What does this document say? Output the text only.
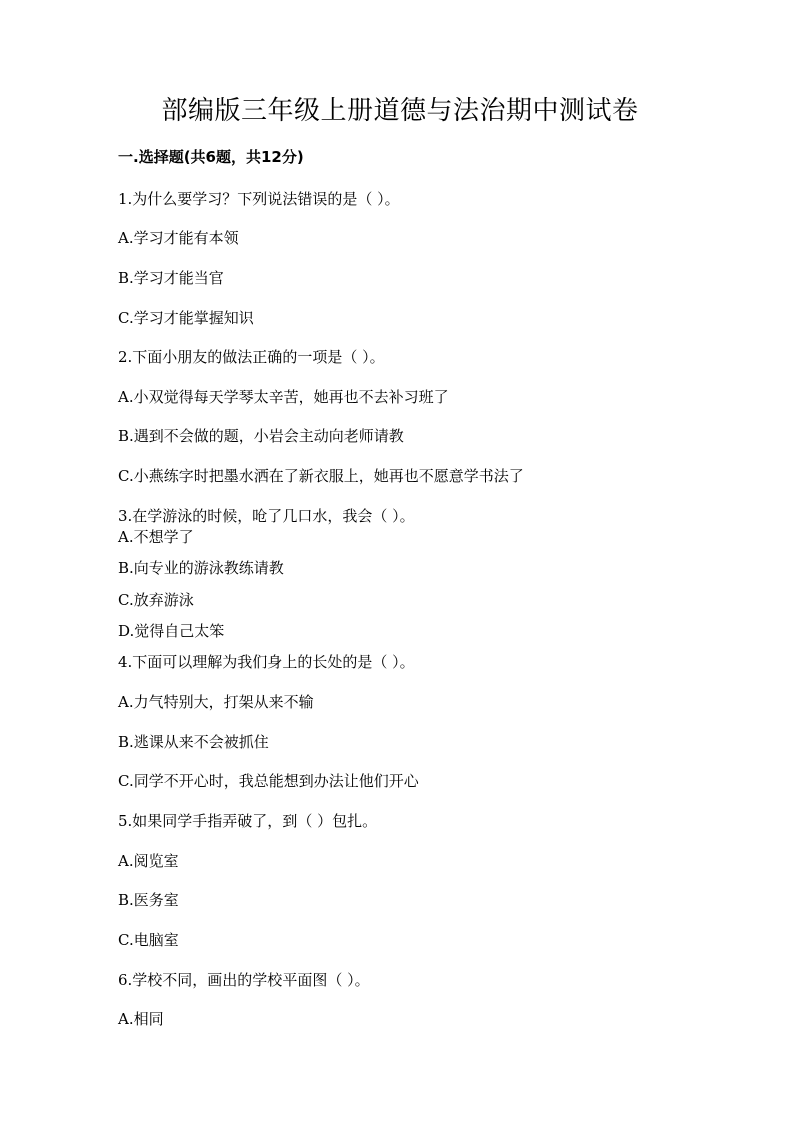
部编版三年级上册道德与法治期中测试卷
一.选择题(共6题，共12分)
1.为什么要学习？下列说法错误的是（ ）。
A.学习才能有本领
B.学习才能当官
C.学习才能掌握知识
2.下面小朋友的做法正确的一项是（ ）。
A.小双觉得每天学琴太辛苦，她再也不去补习班了
B.遇到不会做的题，小岩会主动向老师请教
C.小燕练字时把墨水洒在了新衣服上，她再也不愿意学书法了
3.在学游泳的时候，呛了几口水，我会（ ）。
A.不想学了
B.向专业的游泳教练请教
C.放弃游泳
D.觉得自己太笨
4.下面可以理解为我们身上的长处的是（ ）。
A.力气特别大，打架从来不输
B.逃课从来不会被抓住
C.同学不开心时，我总能想到办法让他们开心
5.如果同学手指弄破了，到（ ）包扎。
A.阅览室
B.医务室
C.电脑室
6.学校不同，画出的学校平面图（ ）。
A.相同
